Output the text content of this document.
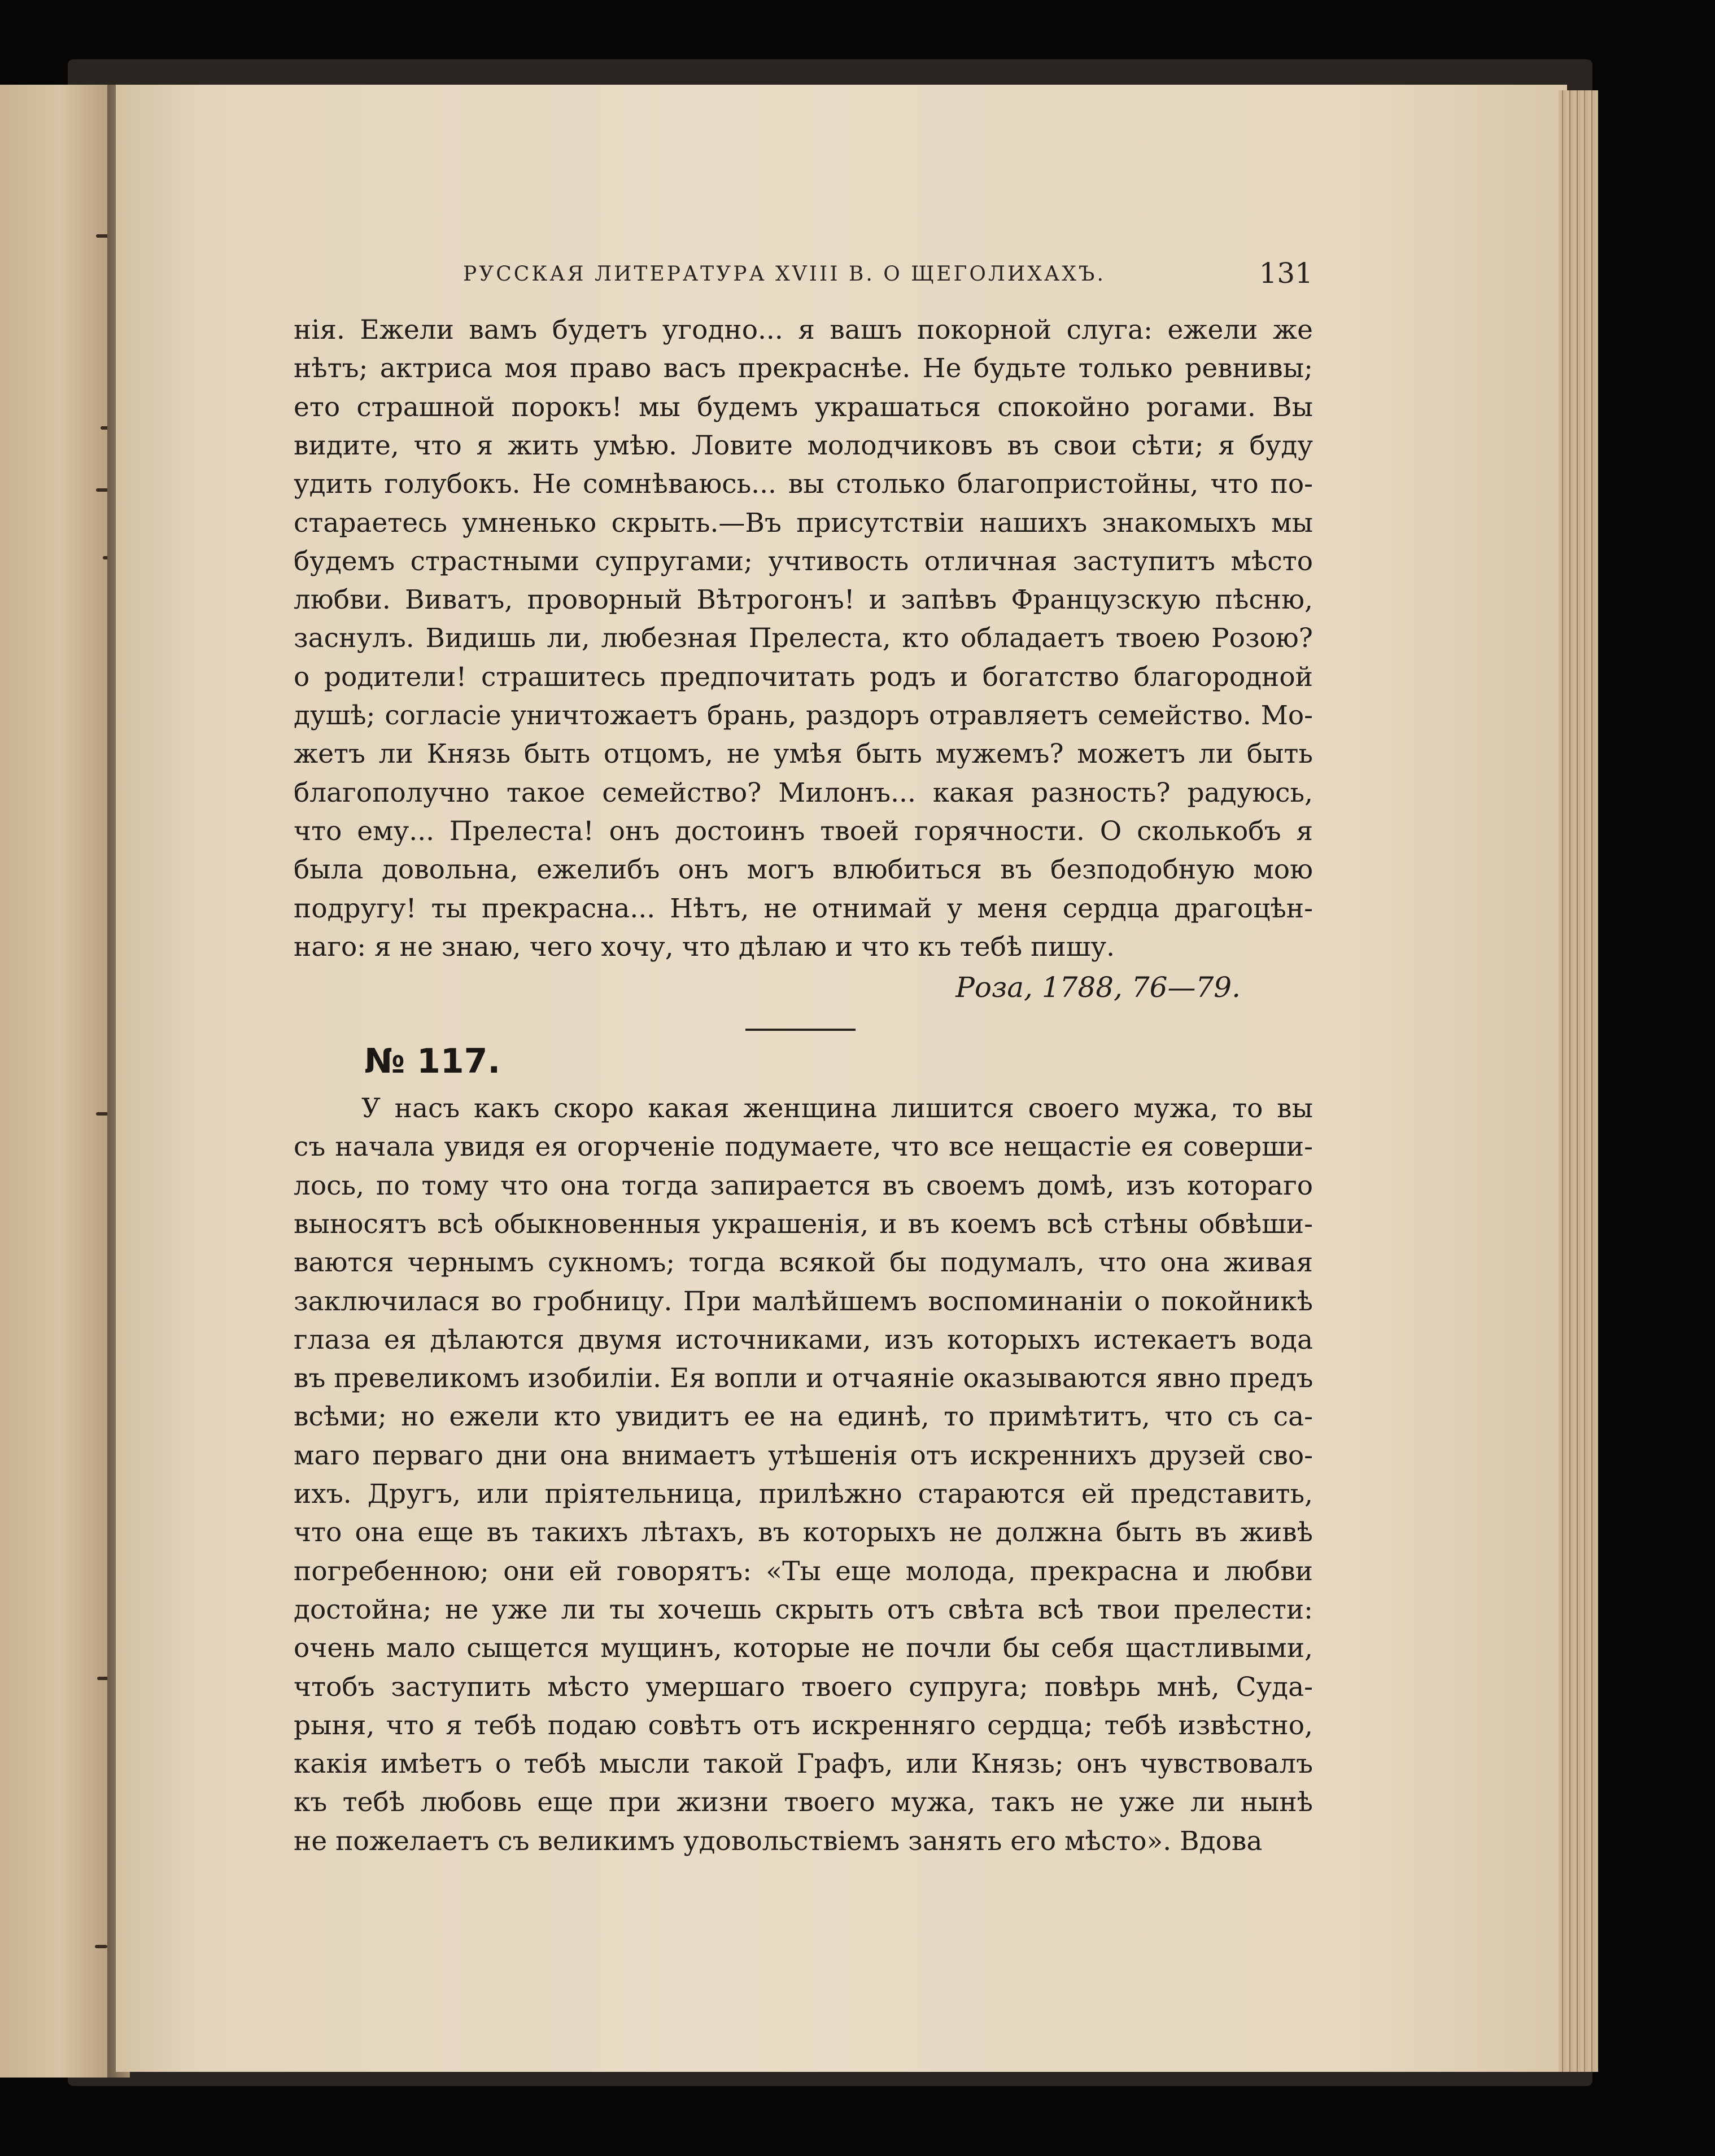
РУССКАЯ ЛИТЕРАТУРА XVIII В. О ЩЕГОЛИХАХЪ.	131
нія. Ежели вамъ будетъ угодно... я вашъ покорной слуга: ежели же
нѣтъ; актриса моя право васъ прекраснѣе. Не будьте только ревнивы;
ето страшной порокъ! мы будемъ украшаться спокойно рогами. Вы
видите, что я жить умѣю. Ловите молодчиковъ въ свои сѣти; я буду
удить голубокъ. Не сомнѣваюсь... вы столько благопристойны, что по-
стараетесь умненько скрыть.—Въ присутствіи нашихъ знакомыхъ мы
будемъ страстными супругами; учтивость отличная заступитъ мѣсто
любви. Виватъ, проворный Вѣтрогонъ! и запѣвъ Французскую пѣсню,
заснулъ. Видишь ли, любезная Прелеста, кто обладаетъ твоею Розою?
о родители! страшитесь предпочитать родъ и богатство благородной
душѣ; согласіе уничтожаетъ брань, раздоръ отравляетъ семейство. Мо-
жетъ ли Князь быть отцомъ, не умѣя быть мужемъ? можетъ ли быть
благополучно такое семейство? Милонъ... какая разность? радуюсь,
что ему... Прелеста! онъ достоинъ твоей горячности. О сколькобъ я
была довольна, ежелибъ онъ могъ влюбиться въ безподобную мою
подругу! ты прекрасна... Нѣтъ, не отнимай у меня сердца драгоцѣн-
наго: я не знаю, чего хочу, что дѣлаю и что къ тебѣ пишу.
Роза, 1788, 76—79.
№ 117.
У насъ какъ скоро какая женщина лишится своего мужа, то вы
съ начала увидя ея огорченіе подумаете, что все нещастіе ея соверши-
лось, по тому что она тогда запирается въ своемъ домѣ, изъ котораго
выносятъ всѣ обыкновенныя украшенія, и въ коемъ всѣ стѣны обвѣши-
ваются чернымъ сукномъ; тогда всякой бы подумалъ, что она живая
заключилася во гробницу. При малѣйшемъ воспоминаніи о покойникѣ
глаза ея дѣлаются двумя источниками, изъ которыхъ истекаетъ вода
въ превеликомъ изобиліи. Ея вопли и отчаяніе оказываются явно предъ
всѣми; но ежели кто увидитъ ее на единѣ, то примѣтитъ, что съ са-
маго перваго дни она внимаетъ утѣшенія отъ искреннихъ друзей сво-
ихъ. Другъ, или пріятельница, прилѣжно стараются ей представить,
что она еще въ такихъ лѣтахъ, въ которыхъ не должна быть въ живѣ
погребенною; они ей говорятъ: «Ты еще молода, прекрасна и любви
достойна; не уже ли ты хочешь скрыть отъ свѣта всѣ твои прелести:
очень мало сыщется мущинъ, которые не почли бы себя щастливыми,
чтобъ заступить мѣсто умершаго твоего супруга; повѣрь мнѣ, Суда-
рыня, что я тебѣ подаю совѣтъ отъ искренняго сердца; тебѣ извѣстно,
какія имѣетъ о тебѣ мысли такой Графъ, или Князь; онъ чувствовалъ
къ тебѣ любовь еще при жизни твоего мужа, такъ не уже ли нынѣ
не пожелаетъ съ великимъ удовольствіемъ занять его мѣсто». Вдова
